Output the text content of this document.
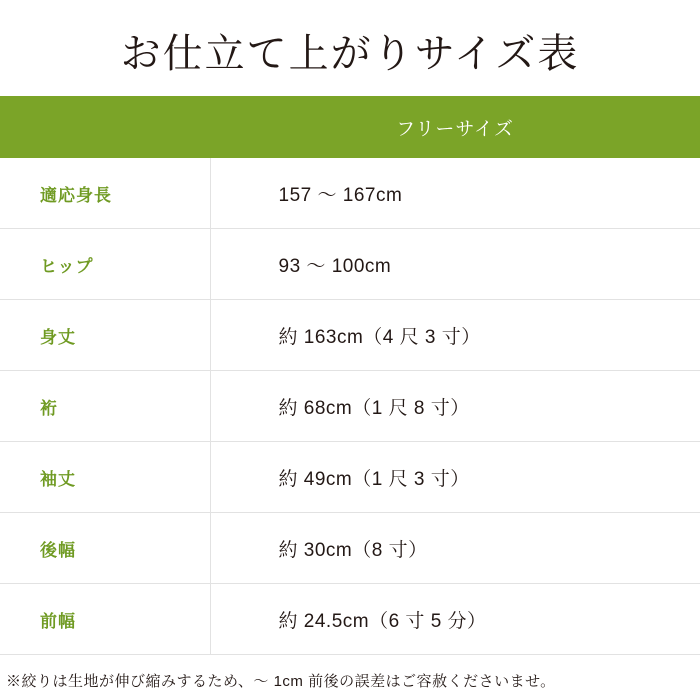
お仕立て上がりサイズ表
	フリーサイズ
適応身長	157 〜 167cm
ヒップ	93 〜 100cm
身丈	約 163cm（4 尺 3 寸）
裄	約 68cm（1 尺 8 寸）
袖丈	約 49cm（1 尺 3 寸）
後幅	約 30cm（8 寸）
前幅	約 24.5cm（6 寸 5 分）
※絞りは生地が伸び縮みするため、〜 1cm 前後の誤差はご容赦くださいませ。
